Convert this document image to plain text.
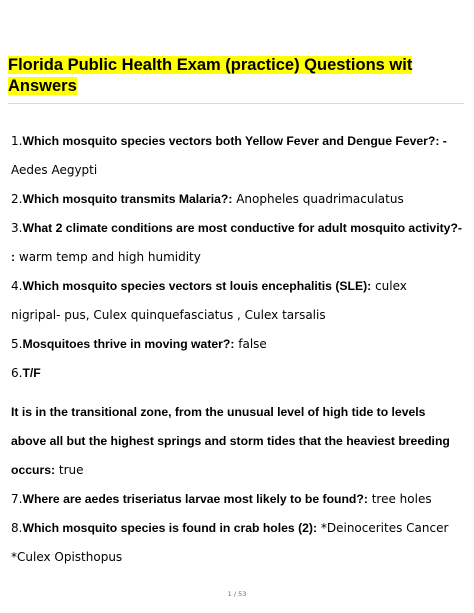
Florida Public Health Exam (practice) Questions wit
Answers
1.Which mosquito species vectors both Yellow Fever and Dengue Fever?: -
Aedes Aegypti
2.Which mosquito transmits Malaria?: Anopheles quadrimaculatus
3.What 2 climate conditions are most conductive for adult mosquito activity?-
: warm temp and high humidity
4.Which mosquito species vectors st louis encephalitis (SLE): culex
nigripal- pus, Culex quinquefasciatus , Culex tarsalis
5.Mosquitoes thrive in moving water?: false
6.T/F
It is in the transitional zone, from the unusual level of high tide to levels
above all but the highest springs and storm tides that the heaviest breeding
occurs: true
7.Where are aedes triseriatus larvae most likely to be found?: tree holes
8.Which mosquito species is found in crab holes (2): *Deinocerites Cancer
*Culex Opisthopus
1 / 53
